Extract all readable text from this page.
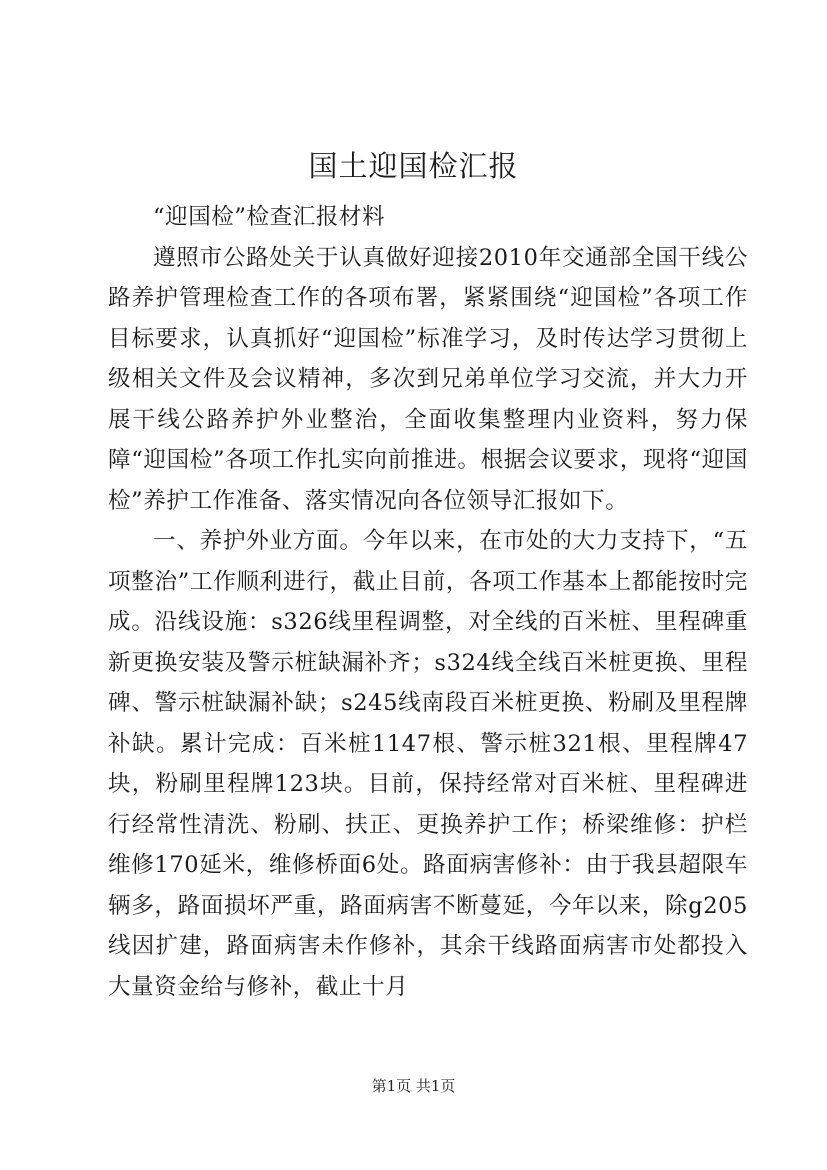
国土迎国检汇报

“迎国检”检查汇报材料

遵照市公路处关于认真做好迎接2010年交通部全国干线公路养护管理检查工作的各项布署，紧紧围绕“迎国检”各项工作目标要求，认真抓好“迎国检”标准学习，及时传达学习贯彻上级相关文件及会议精神，多次到兄弟单位学习交流，并大力开展干线公路养护外业整治，全面收集整理内业资料，努力保障“迎国检”各项工作扎实向前推进。根据会议要求，现将“迎国检”养护工作准备、落实情况向各位领导汇报如下。

一、养护外业方面。今年以来，在市处的大力支持下，“五项整治”工作顺利进行，截止目前，各项工作基本上都能按时完成。沿线设施：s326线里程调整，对全线的百米桩、里程碑重新更换安装及警示桩缺漏补齐；s324线全线百米桩更换、里程碑、警示桩缺漏补缺；s245线南段百米桩更换、粉刷及里程牌补缺。累计完成：百米桩1147根、警示桩321根、里程牌47块，粉刷里程牌123块。目前，保持经常对百米桩、里程碑进行经常性清洗、粉刷、扶正、更换养护工作；桥梁维修：护栏维修170延米，维修桥面6处。路面病害修补：由于我县超限车辆多，路面损坏严重，路面病害不断蔓延，今年以来，除g205线因扩建，路面病害未作修补，其余干线路面病害市处都投入大量资金给与修补，截止十月

第1页 共1页
